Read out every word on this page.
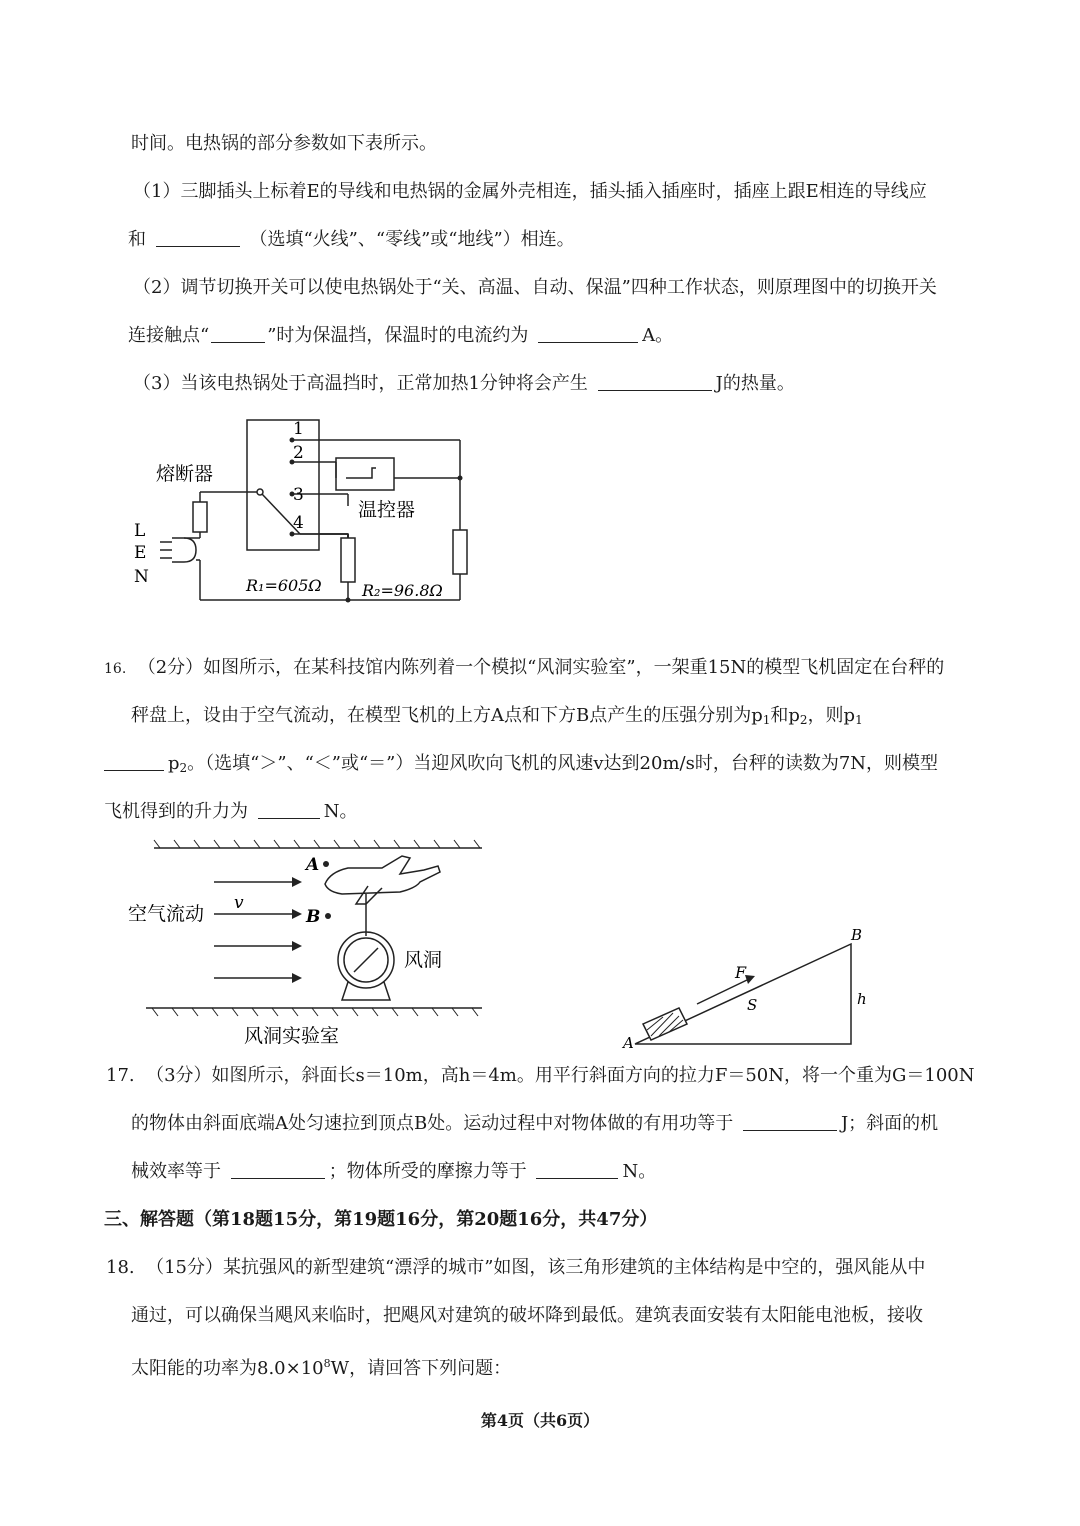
时间。电热锅的部分参数如下表所示。
（1）三脚插头上标着E的导线和电热锅的金属外壳相连，插头插入插座时，插座上跟E相连的导线应
和	（选填“火线”、“零线”或“地线”）相连。
（2）调节切换开关可以使电热锅处于“关、高温、自动、保温”四种工作状态，则原理图中的切换开关
连接触点“	”时为保温挡，保温时的电流约为	A。
（3）当该电热锅处于高温挡时，正常加热1分钟将会产生	J的热量。
1
2
3
4
熔断器
温控器
L
E
N	R₁=605Ω	R₂=96.8Ω
16. （2分）如图所示，在某科技馆内陈列着一个模拟“风洞实验室”，一架重15N的模型飞机固定在台秤的
秤盘上，设由于空气流动，在模型飞机的上方A点和下方B点产生的压强分别为$p_1$和$p_2$，则$p_1$
$p_2$。（选填“＞”、“＜”或“＝”）当迎风吹向飞机的风速v达到20m/s时，台秤的读数为7N，则模型
飞机得到的升力为	N。
A
B
空气流动 v
风洞
风洞实验室	A
B
F
S	h
17. （3分）如图所示，斜面长s＝10m，高h＝4m。用平行斜面方向的拉力F＝50N，将一个重为G＝100N
的物体由斜面底端A处匀速拉到顶点B处。运动过程中对物体做的有用功等于	J；斜面的机
械效率等于	；物体所受的摩擦力等于	N。
三、解答题（第18题15分，第19题16分，第20题16分，共47分）
18. （15分）某抗强风的新型建筑“漂浮的城市”如图，该三角形建筑的主体结构是中空的，强风能从中
通过，可以确保当飓风来临时，把飓风对建筑的破坏降到最低。建筑表面安装有太阳能电池板，接收
太阳能的功率为$8.0\times 10^8W$，请回答下列问题：
第4页（共6页）
